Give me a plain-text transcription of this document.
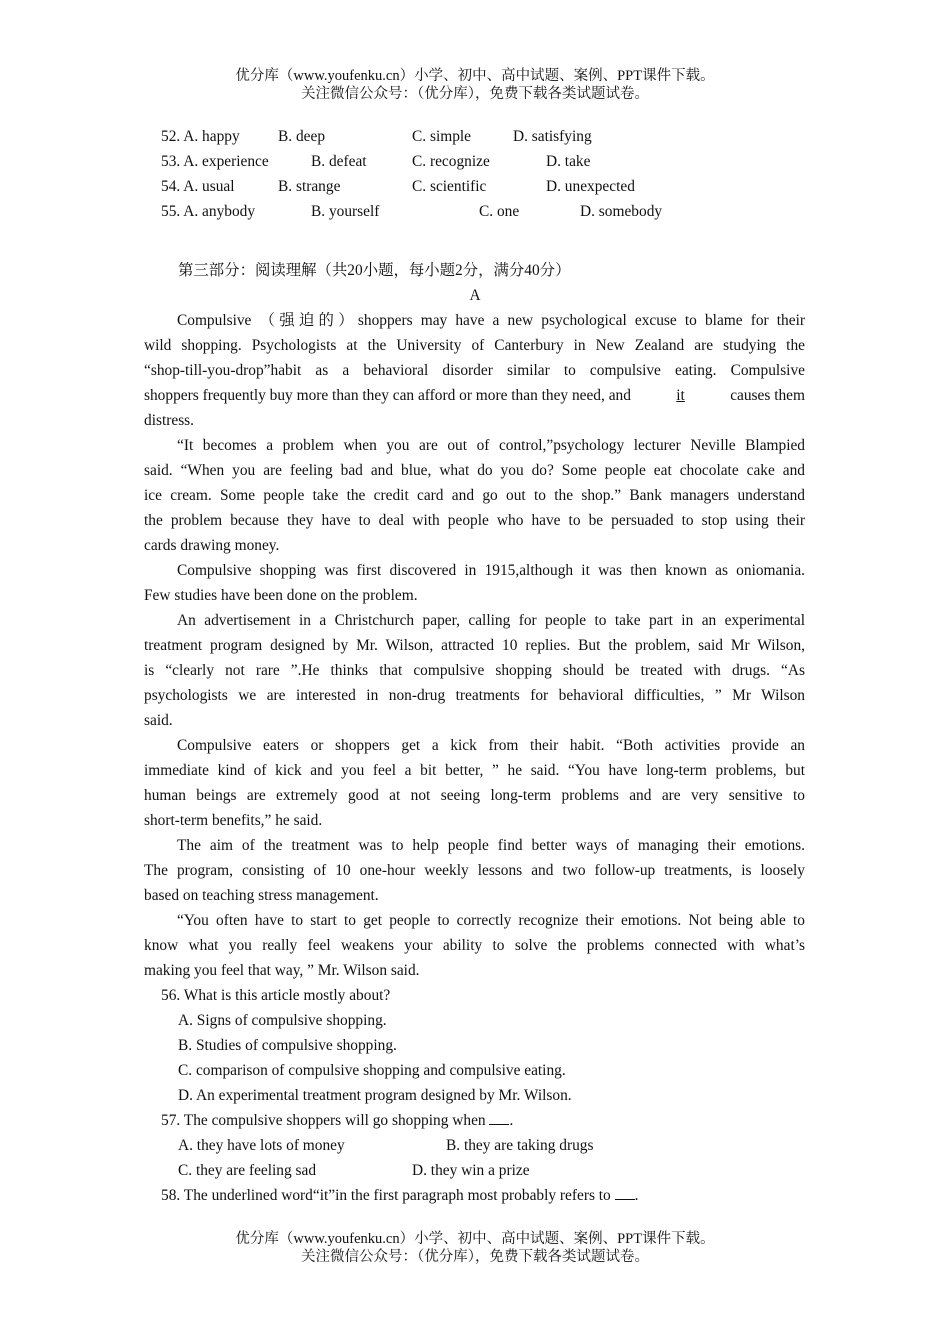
优分库（www.youfenku.cn）小学、初中、高中试题、案例、PPT课件下载。
关注微信公众号：（优分库），免费下载各类试题试卷。
52. A. happy B. deep	C. simple	D. satisfying
53. A. experience	B. defeat	C. recognize	D. take
54. A. usual	B. strange	C. scientific	D. unexpected
55. A. anybody	B. yourself	C. one	D. somebody
第三部分：阅读理解（共20小题，每小题2分，满分40分）
A
Compulsive （强迫的）shoppers may have a new psychological excuse to blame for their
wild shopping. Psychologists at the University of Canterbury in New Zealand are studying the
“shop-till-you-drop”habit as a behavioral disorder similar to compulsive eating. Compulsive
shoppers frequently buy more than they can afford or more than they need, and	it	causes them
distress.
“It becomes a problem when you are out of control,”psychology lecturer Neville Blampied
said. “When you are feeling bad and blue, what do you do? Some people eat chocolate cake and
ice cream. Some people take the credit card and go out to the shop.” Bank managers understand
the problem because they have to deal with people who have to be persuaded to stop using their
cards drawing money.
Compulsive shopping was first discovered in 1915,although it was then known as oniomania.
Few studies have been done on the problem.
An advertisement in a Christchurch paper, calling for people to take part in an experimental
treatment program designed by Mr. Wilson, attracted 10 replies. But the problem, said Mr Wilson,
is “clearly not rare ”.He thinks that compulsive shopping should be treated with drugs. “As
psychologists we are interested in non-drug treatments for behavioral difficulties, ” Mr Wilson
said.
Compulsive eaters or shoppers get a kick from their habit. “Both activities provide an
immediate kind of kick and you feel a bit better, ” he said. “You have long-term problems, but
human beings are extremely good at not seeing long-term problems and are very sensitive to
short-term benefits,” he said.
The aim of the treatment was to help people find better ways of managing their emotions.
The program, consisting of 10 one-hour weekly lessons and two follow-up treatments, is loosely
based on teaching stress management.
“You often have to start to get people to correctly recognize their emotions. Not being able to
know what you really feel weakens your ability to solve the problems connected with what’s
making you feel that way, ” Mr. Wilson said.
56. What is this article mostly about?
A. Signs of compulsive shopping.
B. Studies of compulsive shopping.
C. comparison of compulsive shopping and compulsive eating.
D. An experimental treatment program designed by Mr. Wilson.
57. The compulsive shoppers will go shopping when .
A. they have lots of money	B. they are taking drugs
C. they are feeling sad	D. they win a prize
58. The underlined word“it”in the first paragraph most probably refers to .
优分库（www.youfenku.cn）小学、初中、高中试题、案例、PPT课件下载。
关注微信公众号：（优分库），免费下载各类试题试卷。
